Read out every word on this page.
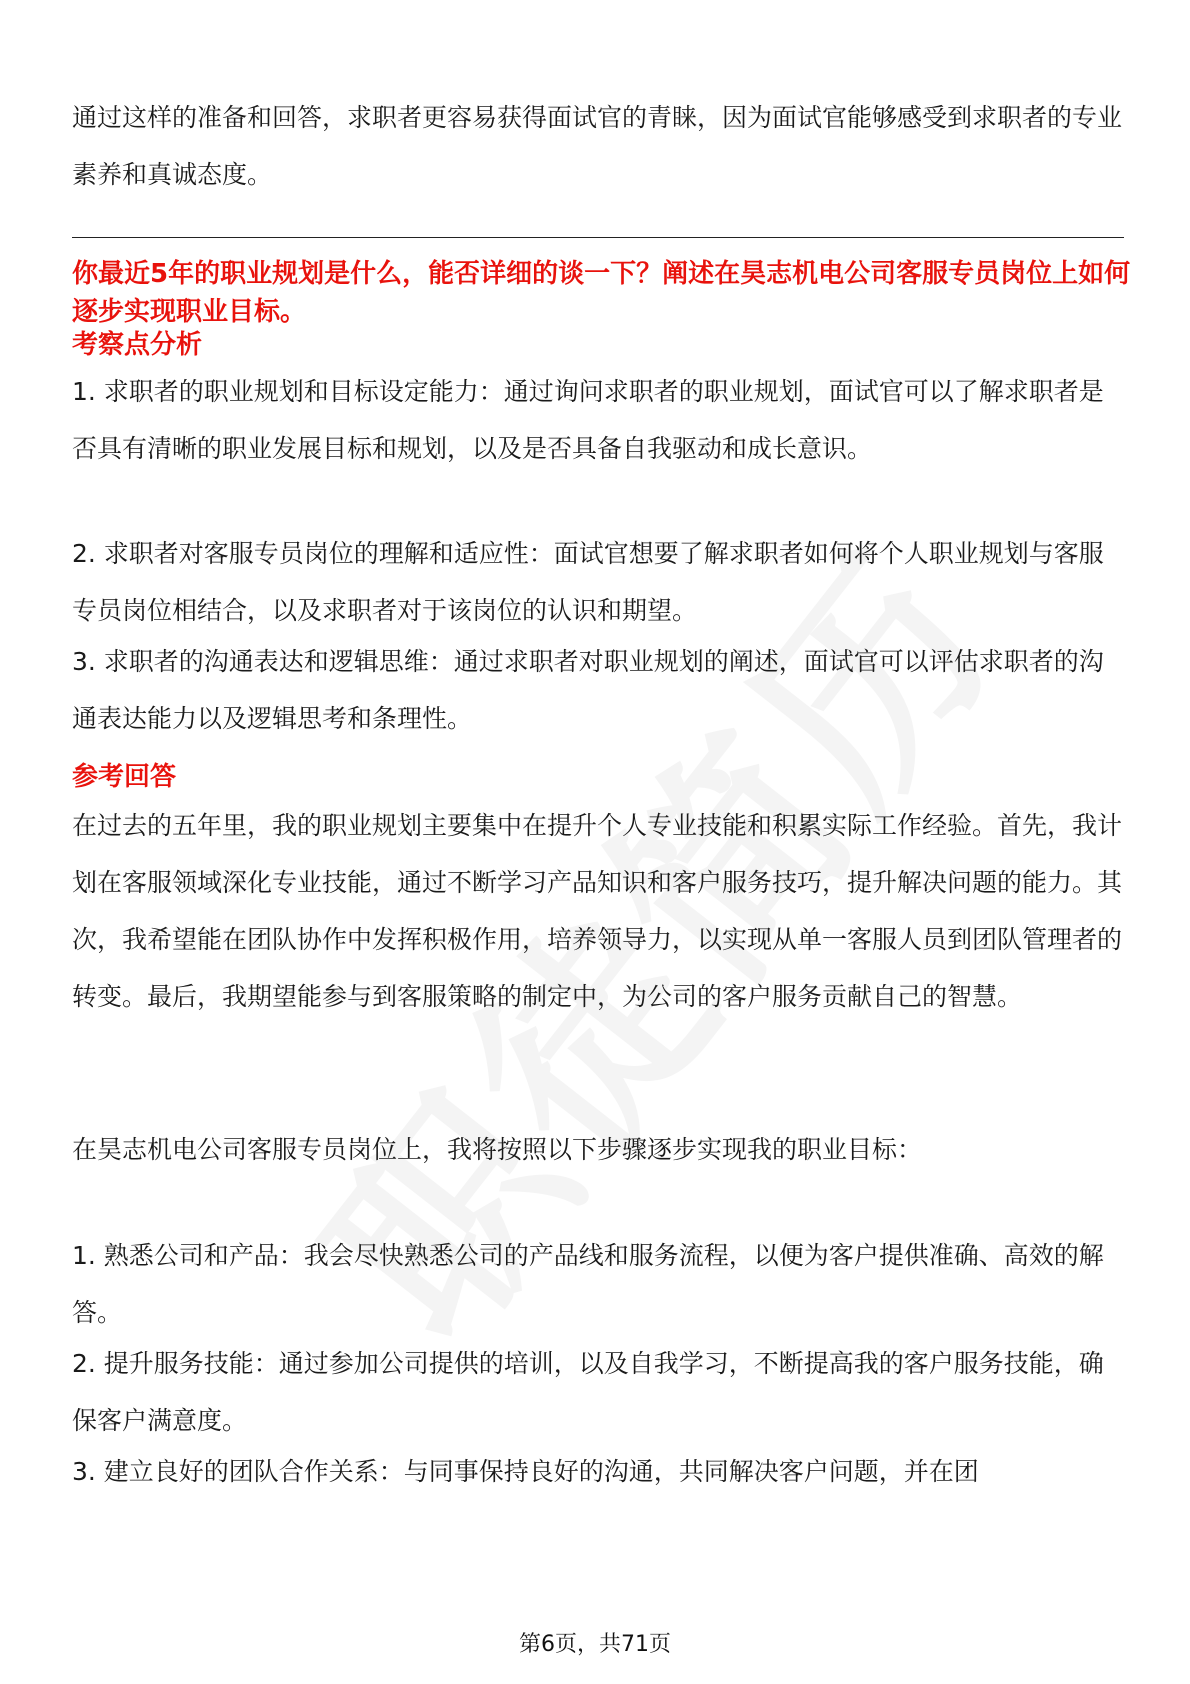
通过这样的准备和回答，求职者更容易获得面试官的青睐，因为面试官能够感受到求职者的专业素养和真诚态度。

你最近5年的职业规划是什么，能否详细的谈一下？阐述在昊志机电公司客服专员岗位上如何逐步实现职业目标。

考察点分析

1. 求职者的职业规划和目标设定能力：通过询问求职者的职业规划，面试官可以了解求职者是否具有清晰的职业发展目标和规划，以及是否具备自我驱动和成长意识。

2. 求职者对客服专员岗位的理解和适应性：面试官想要了解求职者如何将个人职业规划与客服专员岗位相结合，以及求职者对于该岗位的认识和期望。

3. 求职者的沟通表达和逻辑思维：通过求职者对职业规划的阐述，面试官可以评估求职者的沟通表达能力以及逻辑思考和条理性。

参考回答

在过去的五年里，我的职业规划主要集中在提升个人专业技能和积累实际工作经验。首先，我计划在客服领域深化专业技能，通过不断学习产品知识和客户服务技巧，提升解决问题的能力。其次，我希望能在团队协作中发挥积极作用，培养领导力，以实现从单一客服人员到团队管理者的转变。最后，我期望能参与到客服策略的制定中，为公司的客户服务贡献自己的智慧。

在昊志机电公司客服专员岗位上，我将按照以下步骤逐步实现我的职业目标：

1. 熟悉公司和产品：我会尽快熟悉公司的产品线和服务流程，以便为客户提供准确、高效的解答。

2. 提升服务技能：通过参加公司提供的培训，以及自我学习，不断提高我的客户服务技能，确保客户满意度。

3. 建立良好的团队合作关系：与同事保持良好的沟通，共同解决客户问题，并在团

第6页，共71页
